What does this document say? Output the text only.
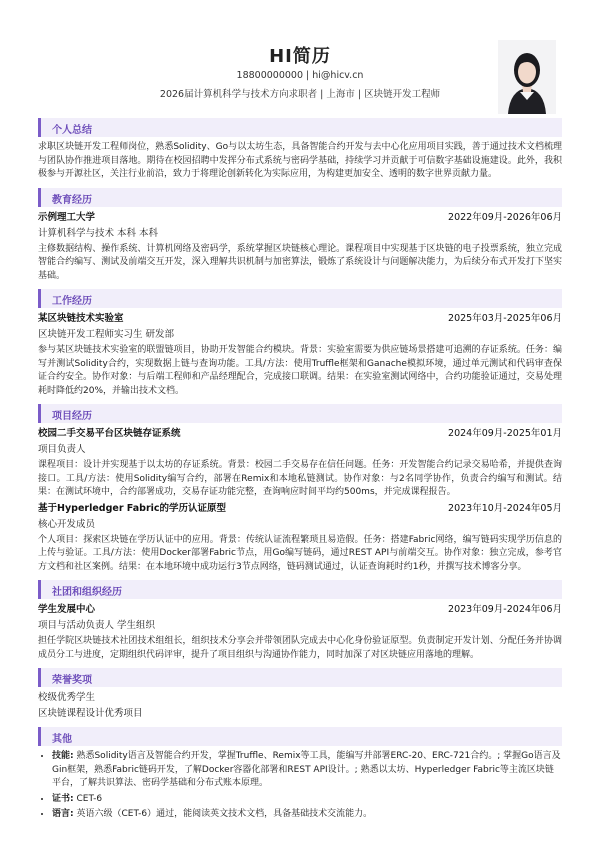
HI简历
18800000000 | hi@hicv.cn
2026届计算机科学与技术方向求职者 | 上海市 | 区块链开发工程师
个人总结
求职区块链开发工程师岗位，熟悉Solidity、Go与以太坊生态，具备智能合约开发与去中心化应用项目实践，善于通过技术文档梳理与团队协作推进项目落地。期待在校园招聘中发挥分布式系统与密码学基础，持续学习并贡献于可信数字基础设施建设。此外，我积极参与开源社区，关注行业前沿，致力于将理论创新转化为实际应用，为构建更加安全、透明的数字世界贡献力量。
教育经历
示例理工大学	2022年09月-2026年06月
计算机科学与技术 本科 本科
主修数据结构、操作系统、计算机网络及密码学，系统掌握区块链核心理论。课程项目中实现基于区块链的电子投票系统，独立完成智能合约编写、测试及前端交互开发，深入理解共识机制与加密算法，锻炼了系统设计与问题解决能力，为后续分布式开发打下坚实基础。
工作经历
某区块链技术实验室	2025年03月-2025年06月
区块链开发工程师实习生 研发部
参与某区块链技术实验室的联盟链项目，协助开发智能合约模块。背景：实验室需要为供应链场景搭建可追溯的存证系统。任务：编写并测试Solidity合约，实现数据上链与查询功能。工具/方法：使用Truffle框架和Ganache模拟环境，通过单元测试和代码审查保证合约安全。协作对象：与后端工程师和产品经理配合，完成接口联调。结果：在实验室测试网络中，合约功能验证通过，交易处理耗时降低约20%，并输出技术文档。
项目经历
校园二手交易平台区块链存证系统	2024年09月-2025年01月
项目负责人
课程项目：设计并实现基于以太坊的存证系统。背景：校园二手交易存在信任问题。任务：开发智能合约记录交易哈希，并提供查询接口。工具/方法：使用Solidity编写合约，部署在Remix和本地私链测试。协作对象：与2名同学协作，负责合约编写和测试。结果：在测试环境中，合约部署成功，交易存证功能完整，查询响应时间平均约500ms，并完成课程报告。
基于Hyperledger Fabric的学历认证原型	2023年10月-2024年05月
核心开发成员
个人项目：探索区块链在学历认证中的应用。背景：传统认证流程繁琐且易造假。任务：搭建Fabric网络，编写链码实现学历信息的上传与验证。工具/方法：使用Docker部署Fabric节点，用Go编写链码，通过REST API与前端交互。协作对象：独立完成，参考官方文档和社区案例。结果：在本地环境中成功运行3节点网络，链码测试通过，认证查询耗时约1秒，并撰写技术博客分享。
社团和组织经历
学生发展中心	2023年09月-2024年06月
项目与活动负责人 学生组织
担任学院区块链技术社团技术组组长，组织技术分享会并带领团队完成去中心化身份验证原型。负责制定开发计划、分配任务并协调成员分工与进度，定期组织代码评审，提升了项目组织与沟通协作能力，同时加深了对区块链应用落地的理解。
荣誉奖项
校级优秀学生
区块链课程设计优秀项目
其他
• 技能: 熟悉Solidity语言及智能合约开发，掌握Truffle、Remix等工具，能编写并部署ERC-20、ERC-721合约。; 掌握Go语言及Gin框架，熟悉Fabric链码开发，了解Docker容器化部署和REST API设计。; 熟悉以太坊、Hyperledger Fabric等主流区块链平台，了解共识算法、密码学基础和分布式账本原理。
• 证书: CET-6
• 语言: 英语六级（CET-6）通过，能阅读英文技术文档，具备基础技术交流能力。
